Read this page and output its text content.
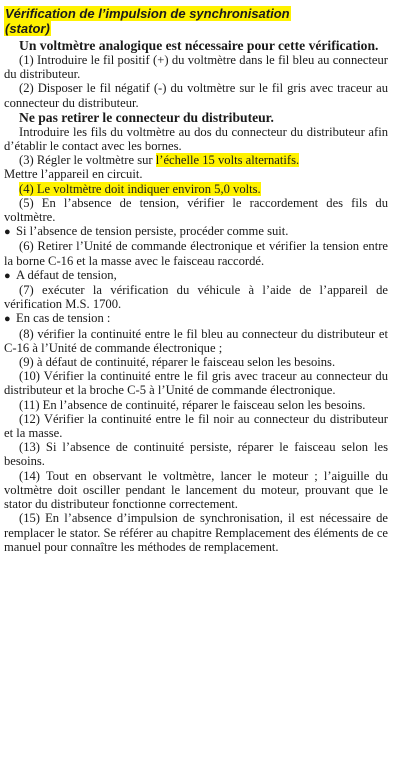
Vérification de l’impulsion de synchronisation
(stator)

Un voltmètre analogique est nécessaire pour cette vérification.

(1) Introduire le fil positif (+) du voltmètre dans le fil bleu au connecteur du distributeur.

(2) Disposer le fil négatif (-) du voltmètre sur le fil gris avec traceur au connecteur du distributeur.

Ne pas retirer le connecteur du distributeur.

Introduire les fils du voltmètre au dos du connecteur du distributeur afin d’établir le contact avec les bornes.

(3) Régler le voltmètre sur l’échelle 15 volts alternatifs.

Mettre l’appareil en circuit.

(4) Le voltmètre doit indiquer environ 5,0 volts.

(5) En l’absence de tension, vérifier le raccordement des fils du voltmètre.

● Si l’absence de tension persiste, procéder comme suit.

(6) Retirer l’Unité de commande électronique et vérifier la tension entre la borne C-16 et la masse avec le faisceau raccordé.

● A défaut de tension,

(7) exécuter la vérification du véhicule à l’aide de l’appareil de vérification M.S. 1700.

● En cas de tension :

(8) vérifier la continuité entre le fil bleu au connecteur du distributeur et C-16 à l’Unité de commande électronique ;

(9) à défaut de continuité, réparer le faisceau selon les besoins.

(10) Vérifier la continuité entre le fil gris avec traceur au connecteur du distributeur et la broche C-5 à l’Unité de commande électronique.

(11) En l’absence de continuité, réparer le faisceau selon les besoins.

(12) Vérifier la continuité entre le fil noir au connecteur du distributeur et la masse.

(13) Si l’absence de continuité persiste, réparer le faisceau selon les besoins.

(14) Tout en observant le voltmètre, lancer le moteur ; l’aiguille du voltmètre doit osciller pendant le lancement du moteur, prouvant que le stator du distributeur fonctionne correctement.

(15) En l’absence d’impulsion de synchronisation, il est nécessaire de remplacer le stator. Se référer au chapitre Remplacement des éléments de ce manuel pour connaître les méthodes de remplacement.
